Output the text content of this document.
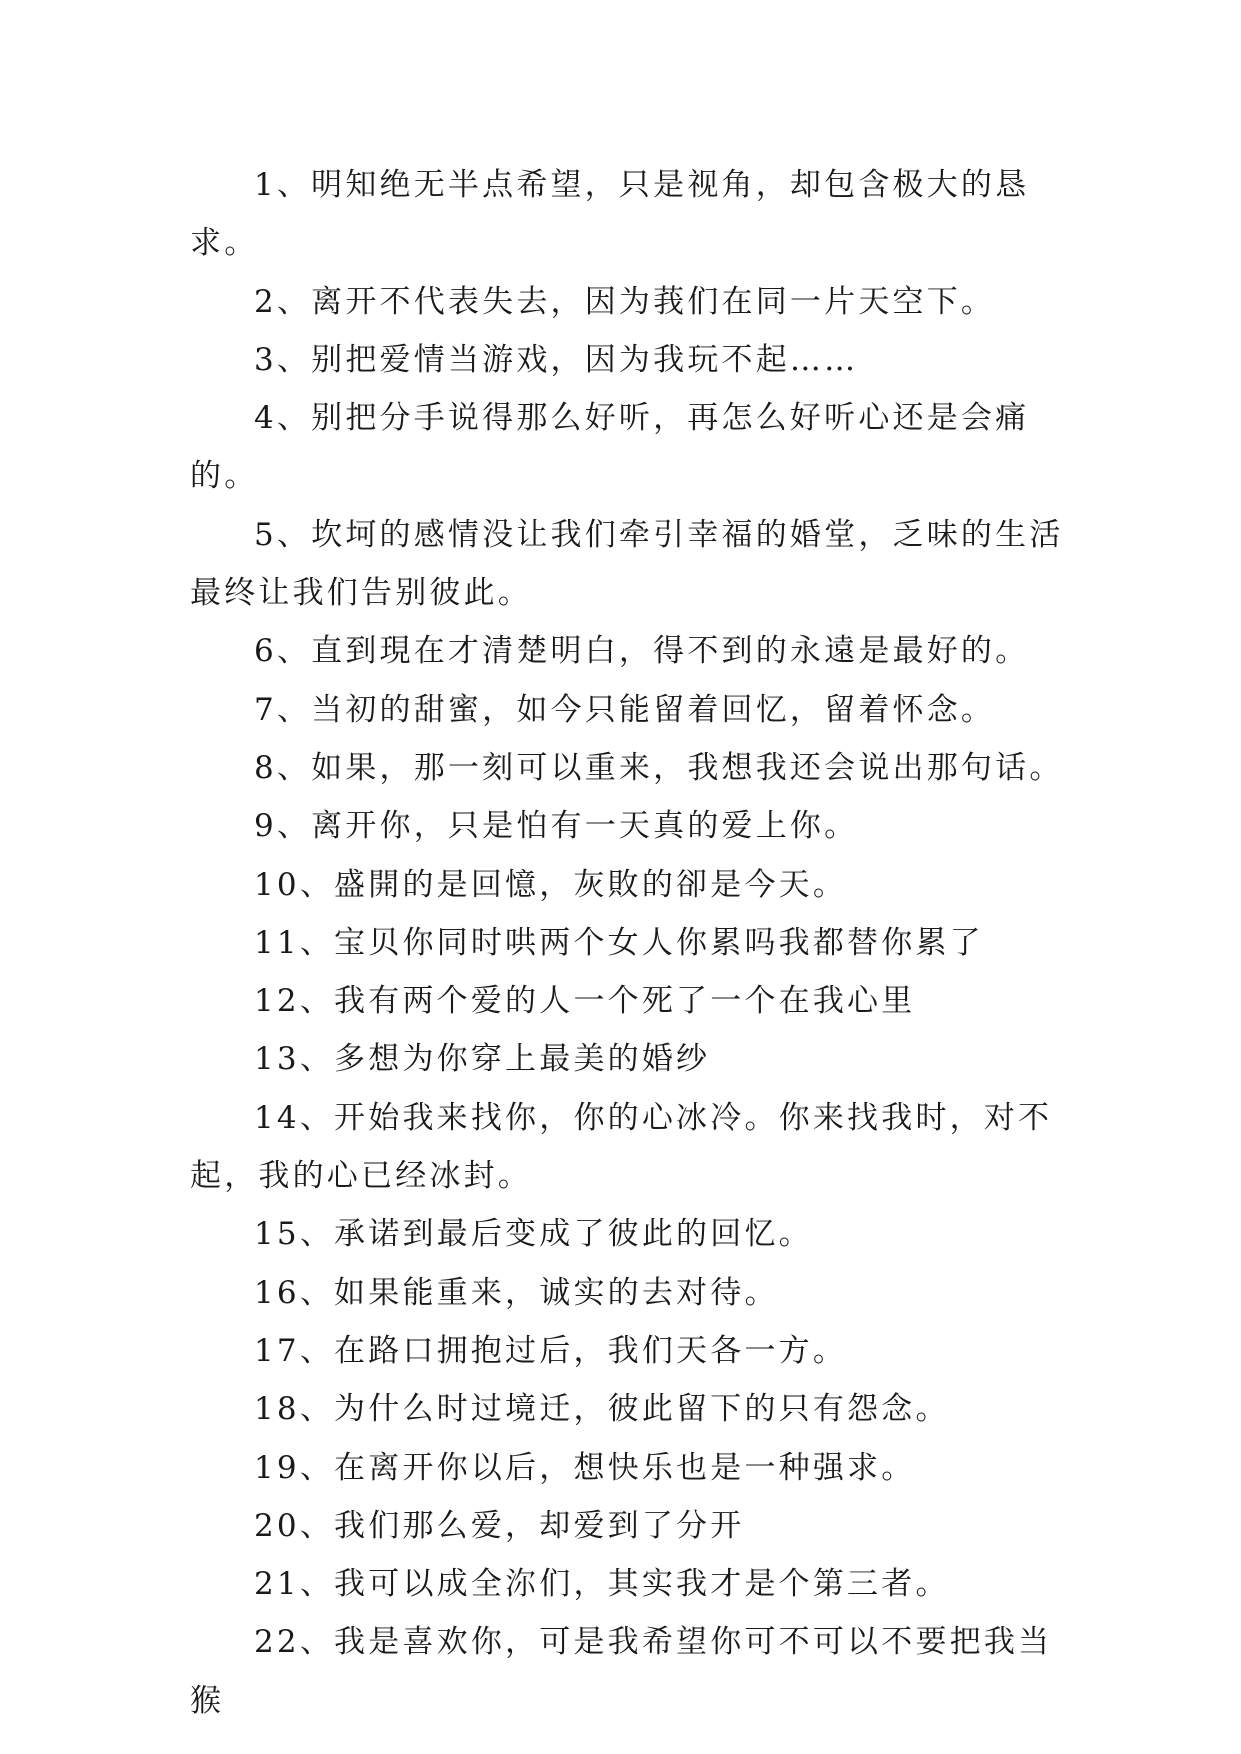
1、明知绝无半点希望，只是视角，却包含极大的恳求。

2、离开不代表失去，因为莪们在同一片天空下。

3、别把爱情当游戏，因为我玩不起……

4、别把分手说得那么好听，再怎么好听心还是会痛的。

5、坎坷的感情没让我们牵引幸福的婚堂，乏味的生活最终让我们告别彼此。

6、直到現在才清楚明白，得不到的永遠是最好的。

7、当初的甜蜜，如今只能留着回忆，留着怀念。

8、如果，那一刻可以重来，我想我还会说出那句话。

9、离开你，只是怕有一天真的爱上你。

10、盛開的是回憶，灰敗的卻是今天。

11、宝贝你同时哄两个女人你累吗我都替你累了

12、我有两个爱的人一个死了一个在我心里

13、多想为你穿上最美的婚纱

14、开始我来找你，你的心冰冷。你来找我时，对不起，我的心已经冰封。

15、承诺到最后变成了彼此的回忆。

16、如果能重来，诚实的去对待。

17、在路口拥抱过后，我们天各一方。

18、为什么时过境迁，彼此留下的只有怨念。

19、在离开你以后，想快乐也是一种强求。

20、我们那么爱，却爱到了分开

21、我可以成全沵们，其实我才是个第三者。

22、我是喜欢你，可是我希望你可不可以不要把我当猴
